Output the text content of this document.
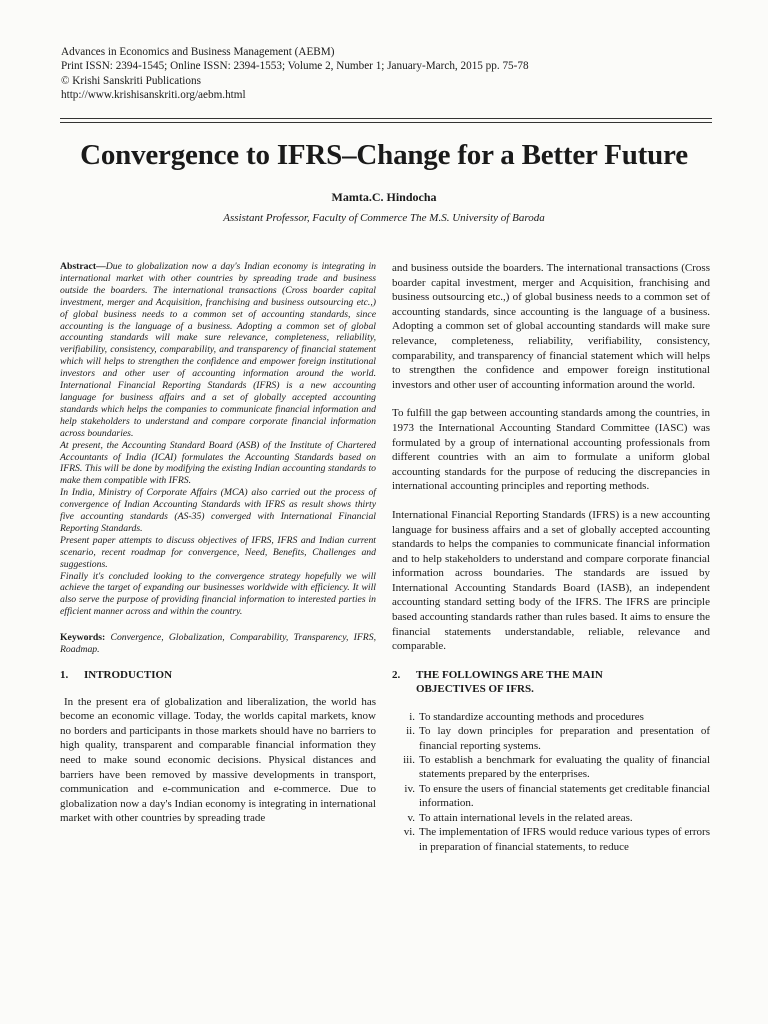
Advances in Economics and Business Management (AEBM)
Print ISSN: 2394-1545; Online ISSN: 2394-1553; Volume 2, Number 1; January-March, 2015 pp. 75-78
© Krishi Sanskriti Publications
http://www.krishisanskriti.org/aebm.html
Convergence to IFRS–Change for a Better Future
Mamta.C. Hindocha
Assistant Professor, Faculty of Commerce The M.S. University of Baroda

Abstract—Due to globalization now a day's Indian economy is integrating in international market with other countries by spreading trade and business outside the boarders. The international transactions (Cross boarder capital investment, merger and Acquisition, franchising and business outsourcing etc.,) of global business needs to a common set of accounting standards, since accounting is the language of a business. Adopting a common set of global accounting standards will make sure relevance, completeness, reliability, verifiability, consistency, comparability, and transparency of financial statement which will helps to strengthen the confidence and empower foreign institutional investors and other user of accounting information around the world. International Financial Reporting Standards (IFRS) is a new accounting language for business affairs and a set of globally accepted accounting standards which helps the companies to communicate financial information and help stakeholders to understand and compare corporate financial information across boundaries.

At present, the Accounting Standard Board (ASB) of the Institute of Chartered Accountants of India (ICAI) formulates the Accounting Standards based on IFRS. This will be done by modifying the existing Indian accounting standards to make them compatible with IFRS.

In India, Ministry of Corporate Affairs (MCA) also carried out the process of convergence of Indian Accounting Standards with IFRS as result shows thirty five accounting standards (AS-35) converged with International Financial Reporting Standards.

Present paper attempts to discuss objectives of IFRS, IFRS and Indian current scenario, recent roadmap for convergence, Need, Benefits, Challenges and suggestions.

Finally it's concluded looking to the convergence strategy hopefully we will achieve the target of expanding our businesses worldwide with efficiency. It will also serve the purpose of providing financial information to interested parties in efficient manner across and within the country.

Keywords: Convergence, Globalization, Comparability, Transparency, IFRS, Roadmap.
1. INTRODUCTION

In the present era of globalization and liberalization, the world has become an economic village. Today, the worlds capital markets, know no borders and participants in those markets should have no barriers to high quality, transparent and comparable financial information they need to make sound economic decisions. Physical distances and barriers have been removed by massive developments in transport, communication and e-communication and e-commerce. Due to globalization now a day's Indian economy is integrating in international market with other countries by spreading trade

and business outside the boarders. The international transactions (Cross boarder capital investment, merger and Acquisition, franchising and business outsourcing etc.,) of global business needs to a common set of accounting standards, since accounting is the language of a business. Adopting a common set of global accounting standards will make sure relevance, completeness, reliability, verifiability, consistency, comparability, and transparency of financial statement which will helps to strengthen the confidence and empower foreign institutional investors and other user of accounting information around the world.

To fulfill the gap between accounting standards among the countries, in 1973 the International Accounting Standard Committee (IASC) was formulated by a group of international accounting professionals from different countries with an aim to formulate a uniform global accounting standards for the purpose of reducing the discrepancies in international accounting principles and reporting methods.

International Financial Reporting Standards (IFRS) is a new accounting language for business affairs and a set of globally accepted accounting standards to helps the companies to communicate financial information and to help stakeholders to understand and compare corporate financial information across boundaries. The standards are issued by International Accounting Standards Board (IASB), an independent accounting standard setting body of the IFRS. The IFRS are principle based accounting standards rather than rules based. It aims to ensure the financial statements understandable, reliable, relevance and comparable.

2. THE FOLLOWINGS ARE THE MAIN OBJECTIVES OF IFRS.
i. To standardize accounting methods and procedures
ii. To lay down principles for preparation and presentation of financial reporting systems.
iii. To establish a benchmark for evaluating the quality of financial statements prepared by the enterprises.
iv. To ensure the users of financial statements get creditable financial information.
v. To attain international levels in the related areas.
vi. The implementation of IFRS would reduce various types of errors in preparation of financial statements, to reduce
